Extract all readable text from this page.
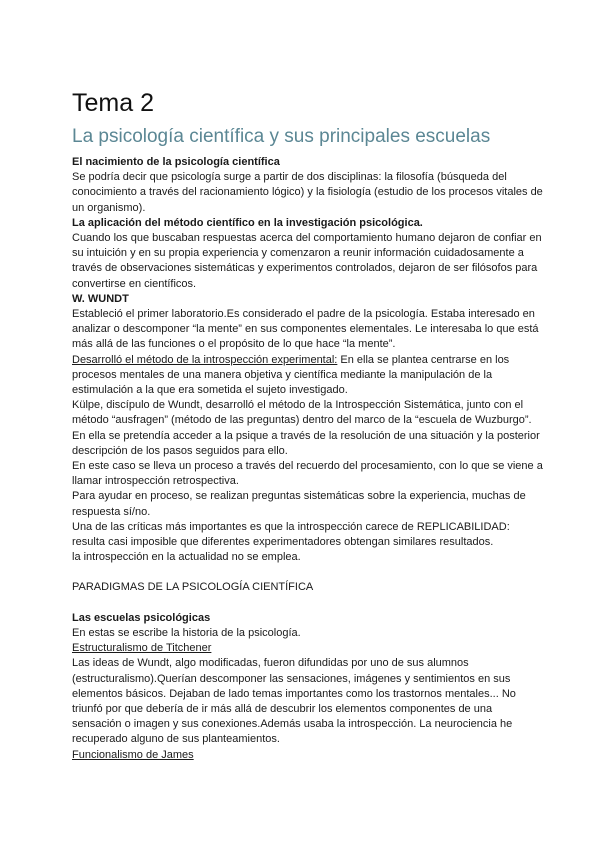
Tema 2
La psicología científica y sus principales escuelas

El nacimiento de la psicología científica

Se podría decir que psicología surge a partir de dos disciplinas: la filosofía (búsqueda del conocimiento a través del racionamiento lógico) y la fisiología (estudio de los procesos vitales de un organismo).

La aplicación del método científico en la investigación psicológica.

Cuando los que buscaban respuestas acerca del comportamiento humano dejaron de confiar en su intuición y en su propia experiencia y comenzaron a reunir información cuidadosamente a través de observaciones sistemáticas y experimentos controlados, dejaron de ser filósofos para convertirse en científicos.

W. WUNDT

Estableció el primer laboratorio.Es considerado el padre de la psicología. Estaba interesado en analizar o descomponer “la mente” en sus componentes elementales. Le interesaba lo que está más allá de las funciones o el propósito de lo que hace “la mente”.

Desarrolló el método de la introspección experimental: En ella se plantea centrarse en los procesos mentales de una manera objetiva y científica mediante la manipulación de la estimulación a la que era sometida el sujeto investigado.

Külpe, discípulo de Wundt, desarrolló el método de la Introspección Sistemática, junto con el método “ausfragen” (método de las preguntas) dentro del marco de la “escuela de Wuzburgo”.

En ella se pretendía acceder a la psique a través de la resolución de una situación y la posterior descripción de los pasos seguidos para ello.

En este caso se lleva un proceso a través del recuerdo del procesamiento, con lo que se viene a llamar introspección retrospectiva.

Para ayudar en proceso, se realizan preguntas sistemáticas sobre la experiencia, muchas de respuesta sí/no.

Una de las críticas más importantes es que la introspección carece de REPLICABILIDAD: resulta casi imposible que diferentes experimentadores obtengan similares resultados.

la introspección en la actualidad no se emplea.

PARADIGMAS DE LA PSICOLOGÍA CIENTÍFICA

Las escuelas psicológicas

En estas se escribe la historia de la psicología.

Estructuralismo de Titchener

Las ideas de Wundt, algo modificadas, fueron difundidas por uno de sus alumnos (estructuralismo).Querían descomponer las sensaciones, imágenes y sentimientos en sus elementos básicos. Dejaban de lado temas importantes como los trastornos mentales... No triunfó por que debería de ir más allá de descubrir los elementos componentes de una sensación o imagen y sus conexiones.Además usaba la introspección. La neurociencia he recuperado alguno de sus planteamientos.

Funcionalismo de James
